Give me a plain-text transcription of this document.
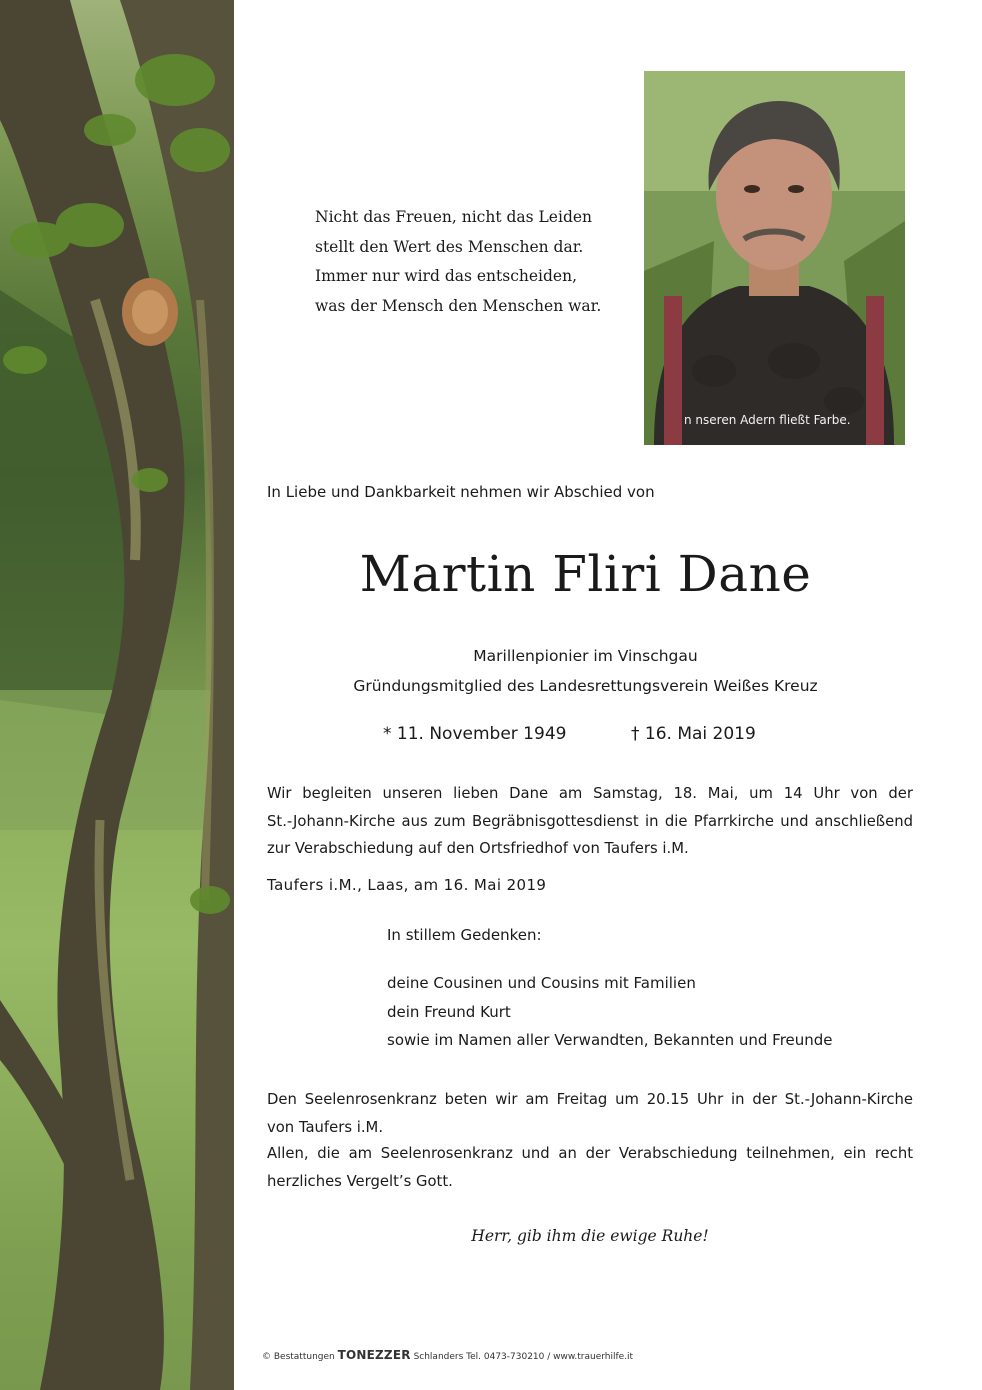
Nicht das Freuen, nicht das Leiden
stellt den Wert des Menschen dar.
Immer nur wird das entscheiden,
was der Mensch den Menschen war.
n nseren Adern fließt Farbe.
In Liebe und Dankbarkeit nehmen wir Abschied von
Martin Fliri Dane
Marillenpionier im Vinschgau
Gründungsmitglied des Landesrettungsverein Weißes Kreuz
* 11. November 1949	† 16. Mai 2019
Wir begleiten unseren lieben Dane am Samstag, 18. Mai, um 14 Uhr von der
St.-Johann-Kirche aus zum Begräbnisgottesdienst in die Pfarrkirche und anschließend
zur Verabschiedung auf den Ortsfriedhof von Taufers i.M.
Taufers i.M., Laas, am 16. Mai 2019
In stillem Gedenken:
deine Cousinen und Cousins mit Familien
dein Freund Kurt
sowie im Namen aller Verwandten, Bekannten und Freunde
Den Seelenrosenkranz beten wir am Freitag um 20.15 Uhr in der St.-Johann-Kirche
von Taufers i.M.
Allen, die am Seelenrosenkranz und an der Verabschiedung teilnehmen, ein recht
herzliches Vergelt’s Gott.
Herr, gib ihm die ewige Ruhe!
© Bestattungen TONEZZER Schlanders Tel. 0473-730210 / www.trauerhilfe.it
